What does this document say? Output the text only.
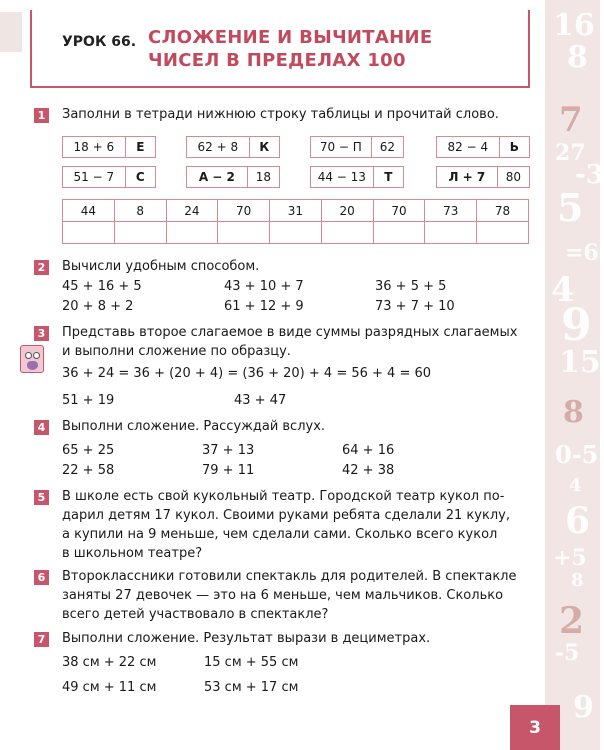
16
8
7
27
-3
5
=6
4
9
15
8
0-5
4
6
+5
8
2
-5
9
УРОК 66. СЛОЖЕНИЕ И ВЫЧИТАНИЕ
ЧИСЕЛ В ПРЕДЕЛАХ 100
1 Заполни в тетради нижнюю строку таблицы и прочитай слово.
18 + 6	Е	62 + 8	К	70 − П	62	82 − 4	Ь
51 − 7	С	А − 2	18	44 − 13	Т	Л + 7	80
44	8	24	70	31	20	70	73	78

2 Вычисли удобным способом.
45 + 16 + 5	43 + 10 + 7	36 + 5 + 5
20 + 8 + 2	61 + 12 + 9	73 + 7 + 10
3 Представь второе слагаемое в виде суммы разрядных слагаемых
и выполни сложение по образцу.
36 + 24 = 36 + (20 + 4) = (36 + 20) + 4 = 56 + 4 = 60
51 + 19	43 + 47
4 Выполни сложение. Рассуждай вслух.
65 + 25	37 + 13	64 + 16
22 + 58	79 + 11	42 + 38
5 В школе есть свой кукольный театр. Городской театр кукол по-
дарил детям 17 кукол. Своими руками ребята сделали 21 куклу,
а купили на 9 меньше, чем сделали сами. Сколько всего кукол
в школьном театре?
6 Второклассники готовили спектакль для родителей. В спектакле
заняты 27 девочек — это на 6 меньше, чем мальчиков. Сколько
всего детей участвовало в спектакле?
7 Выполни сложение. Результат вырази в дециметрах.
38 см + 22 см	15 см + 55 см
49 см + 11 см	53 см + 17 см
3
